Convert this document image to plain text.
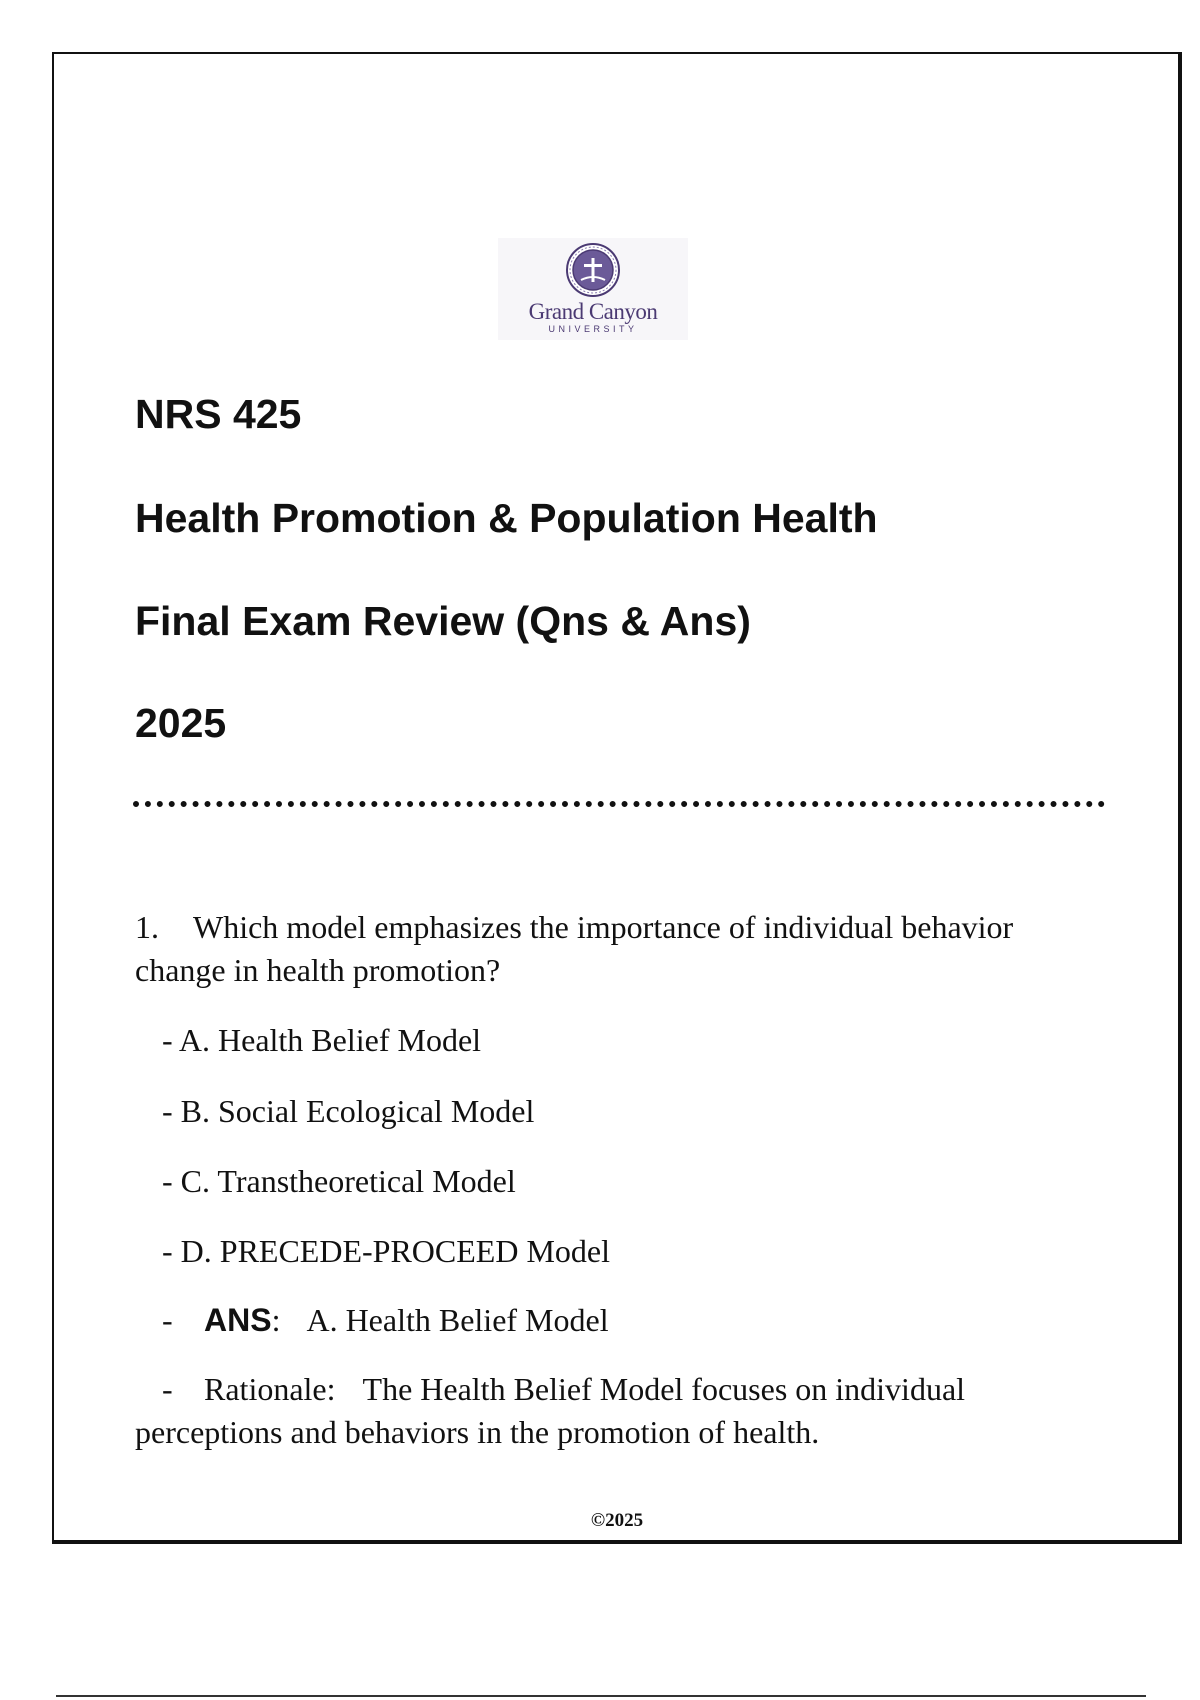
Grand Canyon
UNIVERSITY
NRS 425
Health Promotion & Population Health
Final Exam Review (Qns & Ans)
2025
1. Which model emphasizes the importance of individual behavior change in health promotion?
- A. Health Belief Model
- B. Social Ecological Model
- C. Transtheoretical Model
- D. PRECEDE-PROCEED Model
- ANS: A. Health Belief Model
- Rationale: The Health Belief Model focuses on individual perceptions and behaviors in the promotion of health.
©2025
